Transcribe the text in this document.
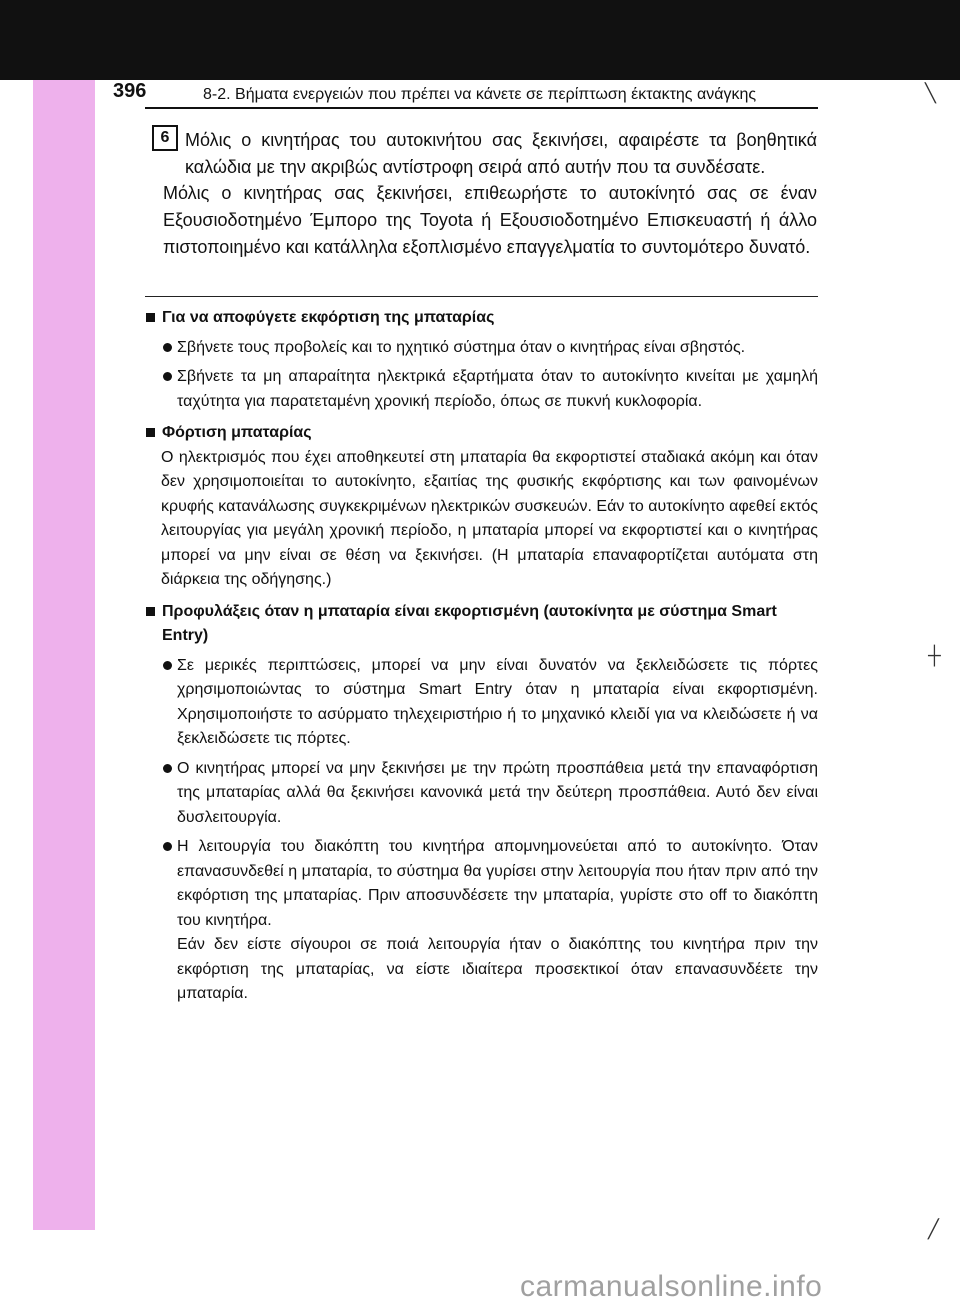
396	8-2. Βήματα ενεργειών που πρέπει να κάνετε σε περίπτωση έκτακτης ανάγκης	╲
┼
╱
6 Μόλις ο κινητήρας του αυτοκινήτου σας ξεκινήσει, αφαιρέστε τα βοηθητικά καλώδια με την ακριβώς αντίστροφη σειρά από αυτήν που τα συνδέσατε.
Μόλις ο κινητήρας σας ξεκινήσει, επιθεωρήστε το αυτοκίνητό σας σε έναν Εξουσιοδοτημένο Έμπορο της Toyota ή Εξουσιοδοτημένο Επισκευαστή ή άλλο πιστοποιημένο και κατάλληλα εξοπλισμένο επαγγελματία το συντομότερο δυνατό.
Για να αποφύγετε εκφόρτιση της μπαταρίας
Σβήνετε τους προβολείς και το ηχητικό σύστημα όταν ο κινητήρας είναι σβηστός.
Σβήνετε τα μη απαραίτητα ηλεκτρικά εξαρτήματα όταν το αυτοκίνητο κινείται με χαμηλή ταχύτητα για παρατεταμένη χρονική περίοδο, όπως σε πυκνή κυκλοφορία.
Φόρτιση μπαταρίας
Ο ηλεκτρισμός που έχει αποθηκευτεί στη μπαταρία θα εκφορτιστεί σταδιακά ακόμη και όταν δεν χρησιμοποιείται το αυτοκίνητο, εξαιτίας της φυσικής εκφόρτισης και των φαινομένων κρυφής κατανάλωσης συγκεκριμένων ηλεκτρικών συσκευών. Εάν το αυτοκίνητο αφεθεί εκτός λειτουργίας για μεγάλη χρονική περίοδο, η μπαταρία μπορεί να εκφορτιστεί και ο κινητήρας μπορεί να μην είναι σε θέση να ξεκινήσει. (Η μπαταρία επαναφορτίζεται αυτόματα στη διάρκεια της οδήγησης.)
Προφυλάξεις όταν η μπαταρία είναι εκφορτισμένη (αυτοκίνητα με σύστημα Smart Entry)
Σε μερικές περιπτώσεις, μπορεί να μην είναι δυνατόν να ξεκλειδώσετε τις πόρτες χρησιμοποιώντας το σύστημα Smart Entry όταν η μπαταρία είναι εκφορτισμένη. Χρησιμοποιήστε το ασύρματο τηλεχειριστήριο ή το μηχανικό κλειδί για να κλειδώσετε ή να ξεκλειδώσετε τις πόρτες.
Ο κινητήρας μπορεί να μην ξεκινήσει με την πρώτη προσπάθεια μετά την επαναφόρτιση της μπαταρίας αλλά θα ξεκινήσει κανονικά μετά την δεύτερη προσπάθεια. Αυτό δεν είναι δυσλειτουργία.
Η λειτουργία του διακόπτη του κινητήρα απομνημονεύεται από το αυτοκίνητο. Όταν επανασυνδεθεί η μπαταρία, το σύστημα θα γυρίσει στην λειτουργία που ήταν πριν από την εκφόρτιση της μπαταρίας. Πριν αποσυνδέσετε την μπαταρία, γυρίστε στο off το διακόπτη του κινητήρα.
Εάν δεν είστε σίγουροι σε ποιά λειτουργία ήταν ο διακόπτης του κινητήρα πριν την εκφόρτιση της μπαταρίας, να είστε ιδιαίτερα προσεκτικοί όταν επανασυνδέετε την μπαταρία.
carmanualsonline.info
